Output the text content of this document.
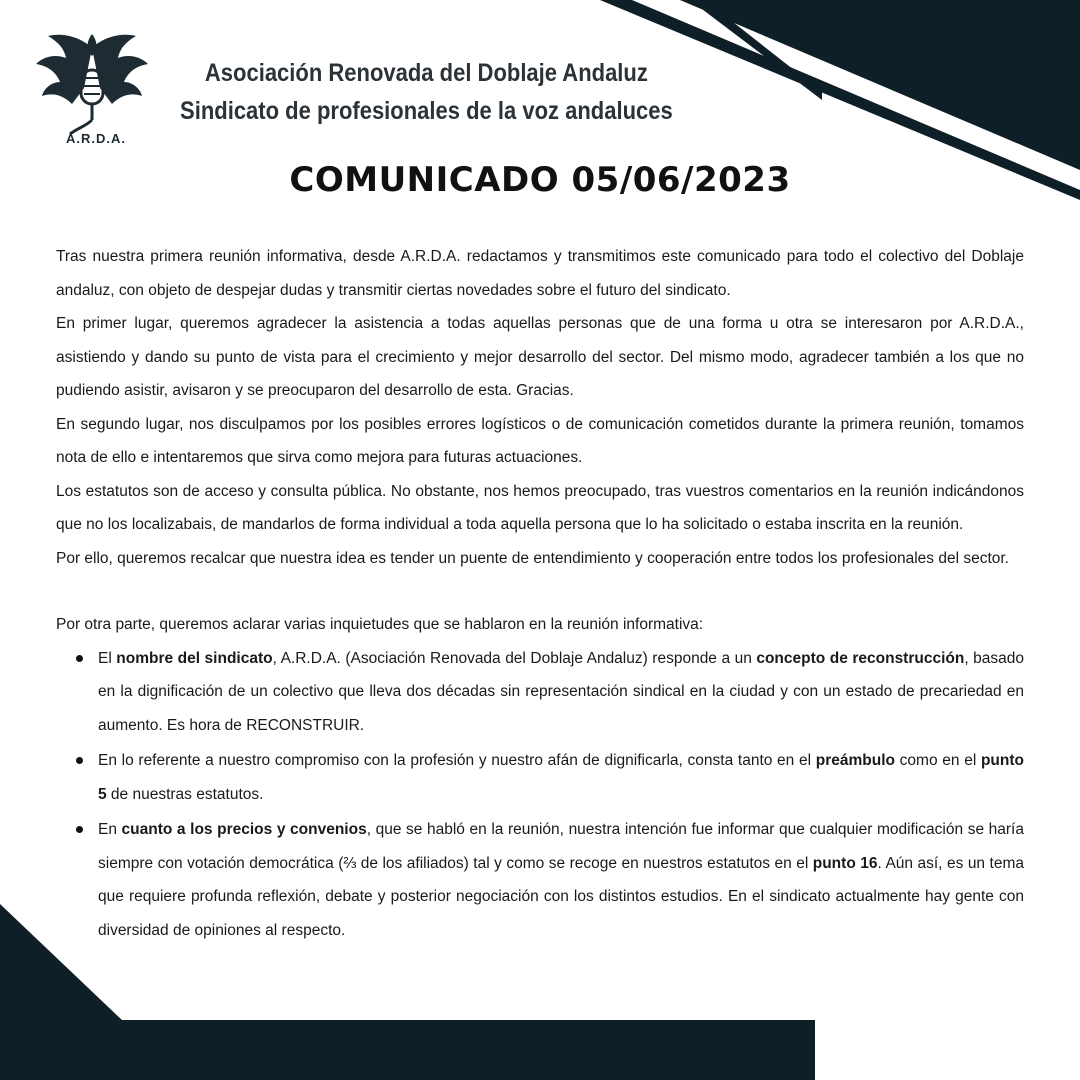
A.R.D.A.
Asociación Renovada del Doblaje Andaluz
Sindicato de profesionales de la voz andaluces
COMUNICADO 05/06/2023

Tras nuestra primera reunión informativa, desde A.R.D.A. redactamos y transmitimos este comunicado para todo el colectivo del Doblaje andaluz, con objeto de despejar dudas y transmitir ciertas novedades sobre el futuro del sindicato.

En primer lugar, queremos agradecer la asistencia a todas aquellas personas que de una forma u otra se interesaron por A.R.D.A., asistiendo y dando su punto de vista para el crecimiento y mejor desarrollo del sector. Del mismo modo, agradecer también a los que no pudiendo asistir, avisaron y se preocuparon del desarrollo de esta. Gracias.

En segundo lugar, nos disculpamos por los posibles errores logísticos o de comunicación cometidos durante la primera reunión, tomamos nota de ello e intentaremos que sirva como mejora para futuras actuaciones.

Los estatutos son de acceso y consulta pública. No obstante, nos hemos preocupado, tras vuestros comentarios en la reunión indicándonos que no los localizabais, de mandarlos de forma individual a toda aquella persona que lo ha solicitado o estaba inscrita en la reunión.

Por ello, queremos recalcar que nuestra idea es tender un puente de entendimiento y cooperación entre todos los profesionales del sector.

Por otra parte, queremos aclarar varias inquietudes que se hablaron en la reunión informativa:

El nombre del sindicato, A.R.D.A. (Asociación Renovada del Doblaje Andaluz) responde a un concepto de reconstrucción, basado en la dignificación de un colectivo que lleva dos décadas sin representación sindical en la ciudad y con un estado de precariedad en aumento. Es hora de RECONSTRUIR.
En lo referente a nuestro compromiso con la profesión y nuestro afán de dignificarla, consta tanto en el preámbulo como en el punto 5 de nuestras estatutos.
En cuanto a los precios y convenios, que se habló en la reunión, nuestra intención fue informar que cualquier modificación se haría siempre con votación democrática (⅔ de los afiliados) tal y como se recoge en nuestros estatutos en el punto 16. Aún así, es un tema que requiere profunda reflexión, debate y posterior negociación con los distintos estudios. En el sindicato actualmente hay gente con diversidad de opiniones al respecto.
